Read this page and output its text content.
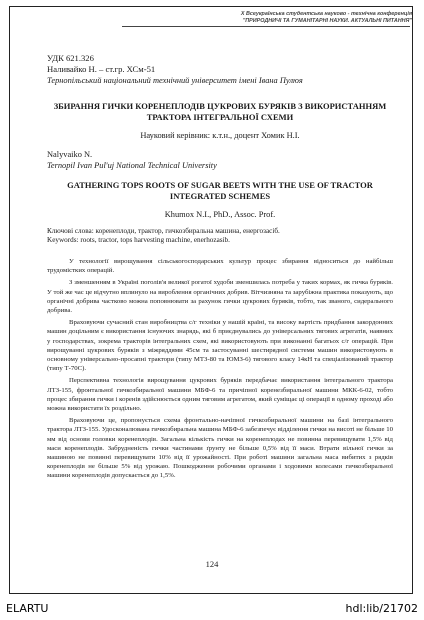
X Всеукраїнська студентська науково - технічна конференція
"ПРИРОДНИЧІ ТА ГУМАНІТАРНІ НАУКИ. АКТУАЛЬНІ ПИТАННЯ"

УДК 621.326

Наливайко Н. – ст.гр. ХСм-51

Тернопільський національний технічний університет імені Івана Пулюя

ЗБИРАННЯ ГИЧКИ КОРЕНЕПЛОДІВ ЦУКРОВИХ БУРЯКІВ З ВИКОРИСТАННЯМ ТРАКТОРА ІНТЕГРАЛЬНОЇ СХЕМИ

Науковий керівник: к.т.н., доцент Хомик Н.І.

Nalyvaiko N.

Ternopil Ivan Pul'uj National Technical University

GATHERING TOPS ROOTS OF SUGAR BEETS WITH THE USE OF TRACTOR INTEGRATED SCHEMES

Khumox N.I., PhD., Assoc. Prof.

Ключові слова: коренеплоди, трактор, гичкозбиральна машина, енергозасіб.
Keywords: roots, tractor, tops harvesting machine, enerhozasib.

У технології вирощування сільськогосподарських культур процес збирання відноситься до найбільш трудомістких операцій.

З зменшенням в Україні поголів'я великої рогатої худоби зменшилась потреба у таких кормах, як гичка буряків. У той же час це відчутно вплинуло на вироблення органічних добрив. Вітчизняна та зарубіжна практика показують, що органічні добрива частково можна поповнювати за рахунок гички цукрових буряків, тобто, так званого, сидерального добрива.

Враховуючи сучасний стан виробництва с/г техніки у нашій країні, та високу вартість придбання закордонних машин доцільним є використання існуючих знарядь, які б приєднувались до універсальних тягових агрегатів, наявних у господарствах, зокрема тракторів інтегральних схем, які використовують при виконанні багатьох с/г операцій. При вирощуванні цукрових буряків з міжряддями 45см та застосуванні шестирядної системи машин використовують в основному універсально-просапні трактори (типу МТЗ-80 та ЮМЗ-6) тягового класу 14кН та спеціалізований трактор (типу Т-70С).

Перспективна технологія вирощування цукрових буряків передбачає використання інтегрального трактора ЛТЗ-155, фронтальної гичкозбиральної машини МБФ-6 та причіпної коренезбиральної машини МКК-6-02, тобто процес збирання гички і коренів здійснюється одним тяговим агрегатом, який суміщає ці операції в одному проході або можна використати їх роздільно.

Враховуючи це, пропонується схема фронтально-начіпної гичкозбиральної машини на базі інтегрального трактора ЛТЗ-155. Удосконалювана гичкозбиральна машина МБФ-6 забезпечує відділення гички на висоті не більше 10 мм від основи головки коренеплодів. Загальна кількість гички на коренеплодах не повинна перевищувати 1,5% від маси коренеплодів. Забрудненість гички частинами ґрунту не більше 0,5% від її маси. Втрати вільної гички за машиною не повинні перевищувати 10% від її урожайності. При роботі машини загальна маса вибитих з рядків коренеплодів не більше 5% від урожаю. Пошкодження робочими органами і ходовими колесами гичкозбиральної машини коренеплодів допускається до 1,5%.

124
ELARTU	hdl:lib/21702
